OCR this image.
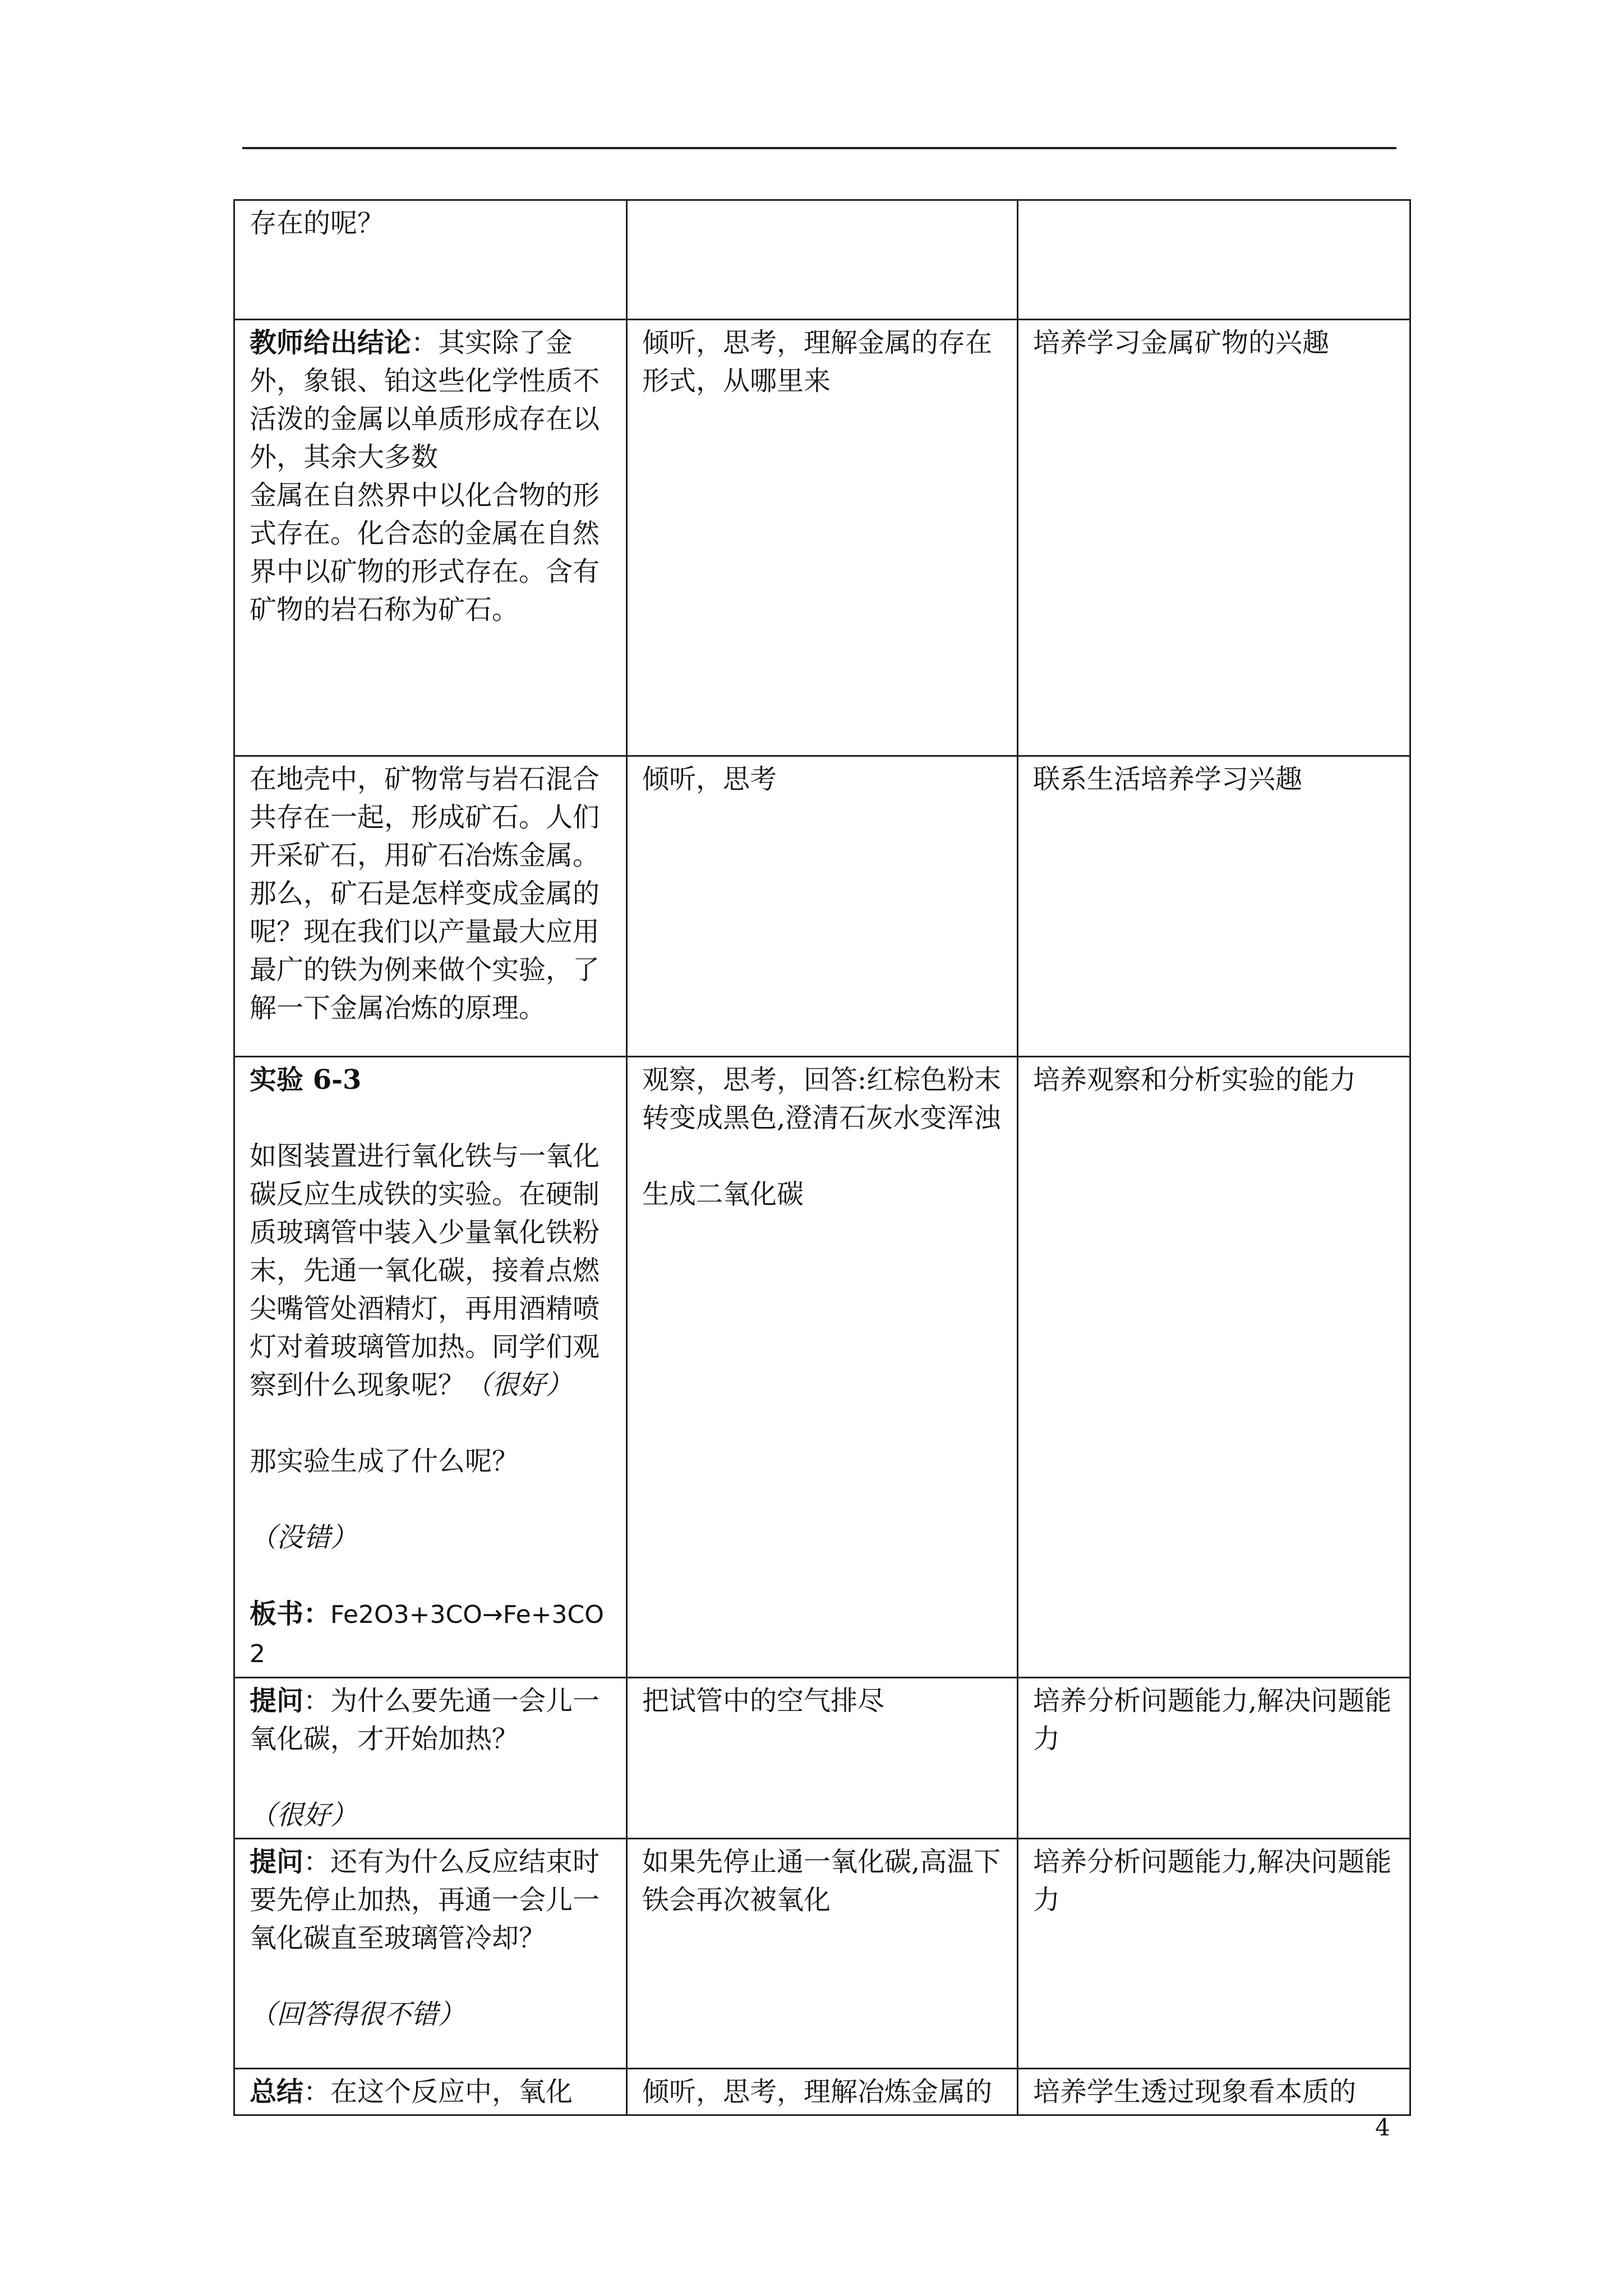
存在的呢？		

教师给出结论：其实除了金外，象银、铂这些化学性质不活泼的金属以单质形成存在以外，其余大多数
金属在自然界中以化合物的形式存在。化合态的金属在自然界中以矿物的形式存在。含有矿物的岩石称为矿石。	倾听，思考，理解金属的存在形式，从哪里来	培养学习金属矿物的兴趣

在地壳中，矿物常与岩石混合共存在一起，形成矿石。人们开采矿石，用矿石冶炼金属。那么，矿石是怎样变成金属的呢？现在我们以产量最大应用最广的铁为例来做个实验，了解一下金属冶炼的原理。	倾听，思考	联系生活培养学习兴趣

实验 6-3
如图装置进行氧化铁与一氧化碳反应生成铁的实验。在硬制质玻璃管中装入少量氧化铁粉末，先通一氧化碳，接着点燃尖嘴管处酒精灯，再用酒精喷灯对着玻璃管加热。同学们观察到什么现象呢？（很好）
那实验生成了什么呢？
（没错）
板书：Fe2O3+3CO→Fe+3CO2	观察，思考，回答:红棕色粉末转变成黑色,澄清石灰水变浑浊
生成二氧化碳	培养观察和分析实验的能力

提问：为什么要先通一会儿一氧化碳，才开始加热？
（很好）	把试管中的空气排尽	培养分析问题能力,解决问题能力

提问：还有为什么反应结束时要先停止加热，再通一会儿一氧化碳直至玻璃管冷却？
（回答得很不错）	如果先停止通一氧化碳,高温下铁会再次被氧化	培养分析问题能力,解决问题能力

总结：在这个反应中，氧化	倾听，思考，理解冶炼金属的	培养学生透过现象看本质的
4
